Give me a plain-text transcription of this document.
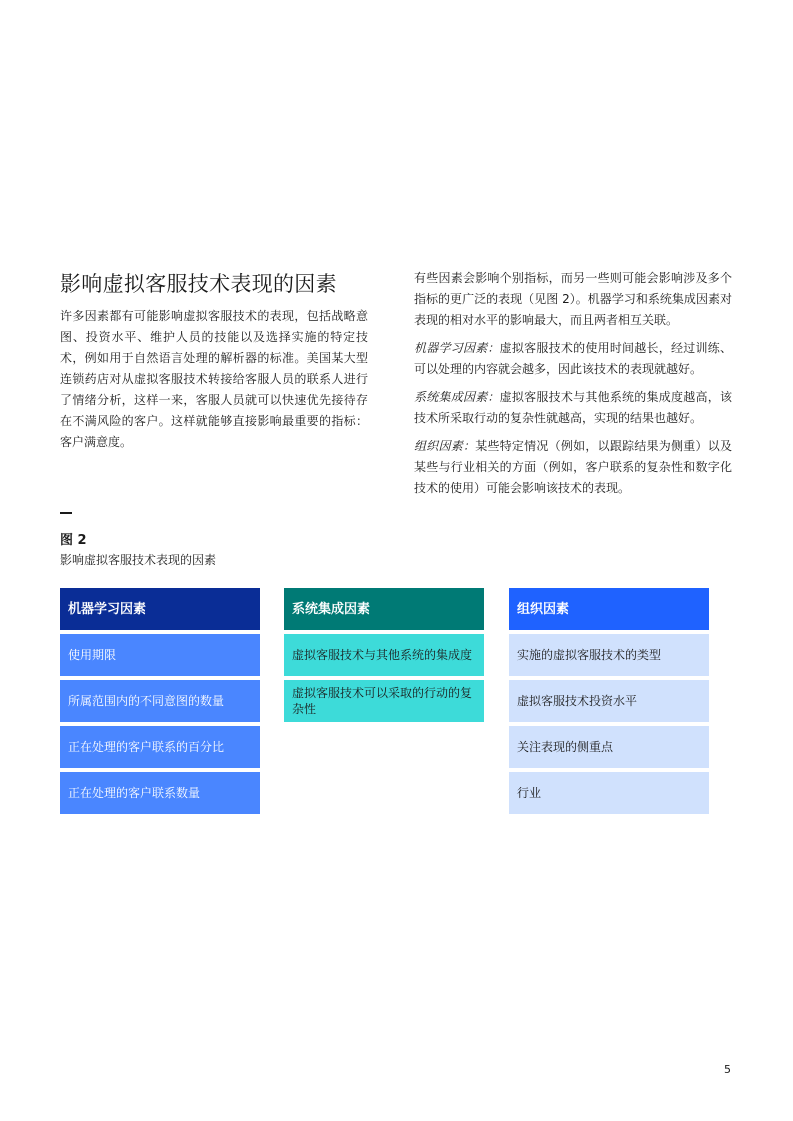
影响虚拟客服技术表现的因素

许多因素都有可能影响虚拟客服技术的表现，包括战略意图、投资水平、维护人员的技能以及选择实施的特定技术，例如用于自然语言处理的解析器的标准。美国某大型连锁药店对从虚拟客服技术转接给客服人员的联系人进行了情绪分析，这样一来，客服人员就可以快速优先接待存在不满风险的客户。这样就能够直接影响最重要的指标：客户满意度。

有些因素会影响个别指标，而另一些则可能会影响涉及多个指标的更广泛的表现（见图 2）。机器学习和系统集成因素对表现的相对水平的影响最大，而且两者相互关联。

机器学习因素：虚拟客服技术的使用时间越长，经过训练、可以处理的内容就会越多，因此该技术的表现就越好。

系统集成因素：虚拟客服技术与其他系统的集成度越高，该技术所采取行动的复杂性就越高，实现的结果也越好。

组织因素：某些特定情况（例如，以跟踪结果为侧重）以及某些与行业相关的方面（例如，客户联系的复杂性和数字化技术的使用）可能会影响该技术的表现。

图 2
影响虚拟客服技术表现的因素
机器学习因素
使用期限
所属范围内的不同意图的数量
正在处理的客户联系的百分比
正在处理的客户联系数量
系统集成因素
虚拟客服技术与其他系统的集成度
虚拟客服技术可以采取的行动的复杂性
组织因素
实施的虚拟客服技术的类型
虚拟客服技术投资水平
关注表现的侧重点
行业
5
